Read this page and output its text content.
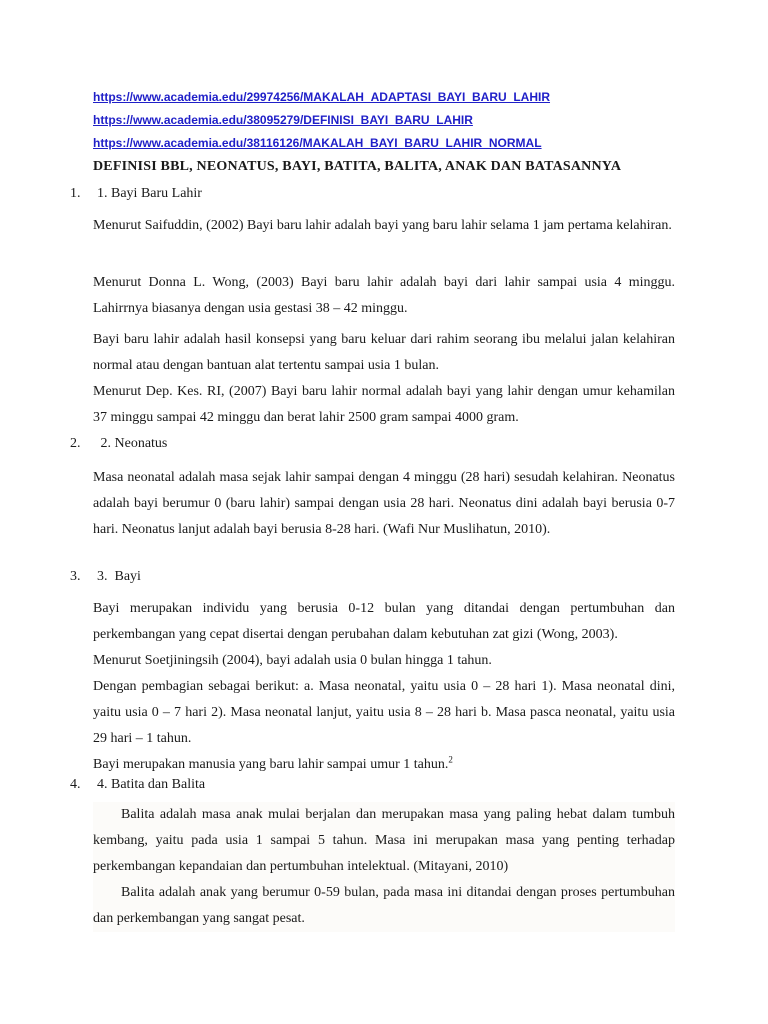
https://www.academia.edu/29974256/MAKALAH_ADAPTASI_BAYI_BARU_LAHIR
https://www.academia.edu/38095279/DEFINISI_BAYI_BARU_LAHIR
https://www.academia.edu/38116126/MAKALAH_BAYI_BARU_LAHIR_NORMAL
DEFINISI BBL, NEONATUS, BAYI, BATITA, BALITA, ANAK DAN BATASANNYA
1. 1. Bayi Baru Lahir
Menurut Saifuddin, (2002) Bayi baru lahir adalah bayi yang baru lahir selama 1 jam pertama kelahiran.
Menurut Donna L. Wong, (2003) Bayi baru lahir adalah bayi dari lahir sampai usia 4 minggu. Lahirrnya biasanya dengan usia gestasi 38 – 42 minggu.

Bayi baru lahir adalah hasil konsepsi yang baru keluar dari rahim seorang ibu melalui jalan kelahiran normal atau dengan bantuan alat tertentu sampai usia 1 bulan.

Menurut Dep. Kes. RI, (2007) Bayi baru lahir normal adalah bayi yang lahir dengan umur kehamilan 37 minggu sampai 42 minggu dan berat lahir 2500 gram sampai 4000 gram.

2. 2. Neonatus
Masa neonatal adalah masa sejak lahir sampai dengan 4 minggu (28 hari) sesudah kelahiran. Neonatus adalah bayi berumur 0 (baru lahir) sampai dengan usia 28 hari. Neonatus dini adalah bayi berusia 0-7 hari. Neonatus lanjut adalah bayi berusia 8-28 hari. (Wafi Nur Muslihatun, 2010).
3. 3.  Bayi

Bayi merupakan individu yang berusia 0-12 bulan yang ditandai dengan pertumbuhan dan perkembangan yang cepat disertai dengan perubahan dalam kebutuhan zat gizi (Wong, 2003).

Menurut Soetjiningsih (2004), bayi adalah usia 0 bulan hingga 1 tahun.

Dengan pembagian sebagai berikut: a. Masa neonatal, yaitu usia 0 – 28 hari 1). Masa neonatal dini, yaitu usia 0 – 7 hari 2). Masa neonatal lanjut, yaitu usia 8 – 28 hari b. Masa pasca neonatal, yaitu usia 29 hari – 1 tahun.

Bayi merupakan manusia yang baru lahir sampai umur 1 tahun.$^2$

4. 4. Batita dan Balita

Balita adalah masa anak mulai berjalan dan merupakan masa yang paling hebat dalam tumbuh kembang, yaitu pada usia 1 sampai 5 tahun. Masa ini merupakan masa yang penting terhadap perkembangan kepandaian dan pertumbuhan intelektual. (Mitayani, 2010)

Balita adalah anak yang berumur 0-59 bulan, pada masa ini ditandai dengan proses pertumbuhan dan perkembangan yang sangat pesat.
